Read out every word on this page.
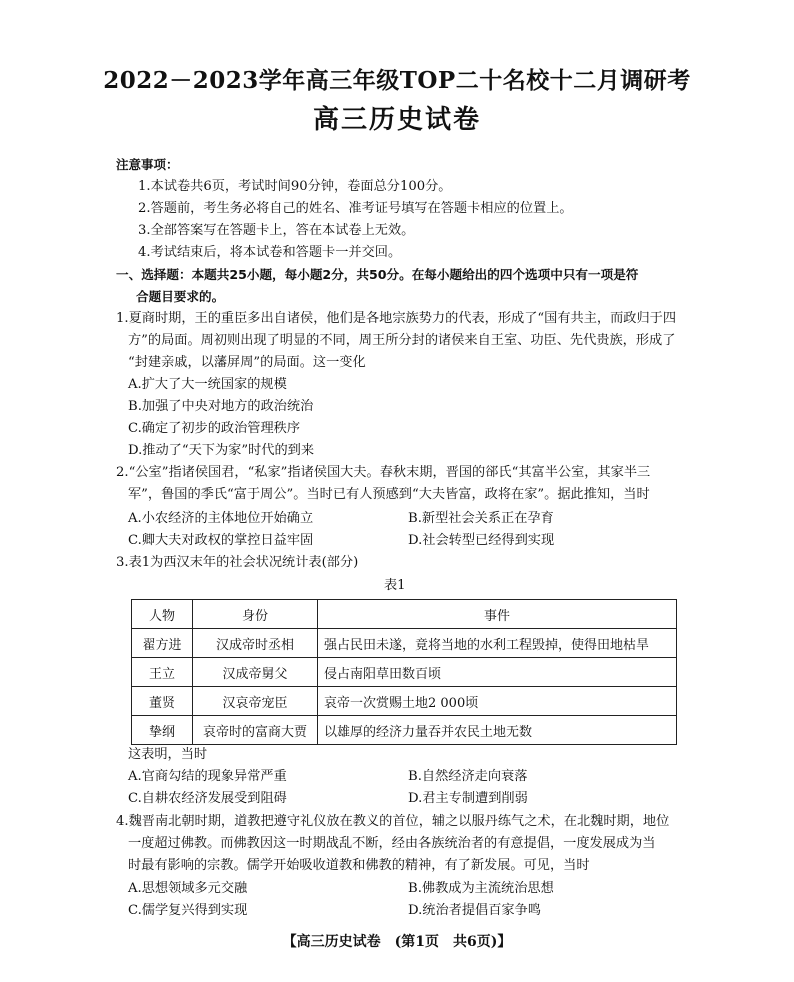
2022－2023学年高三年级TOP二十名校十二月调研考
高三历史试卷
注意事项：
1.本试卷共6页，考试时间90分钟，卷面总分100分。
2.答题前，考生务必将自己的姓名、准考证号填写在答题卡相应的位置上。
3.全部答案写在答题卡上，答在本试卷上无效。
4.考试结束后，将本试卷和答题卡一并交回。
一、选择题：本题共25小题，每小题2分，共50分。在每小题给出的四个选项中只有一项是符
合题目要求的。
1.夏商时期，王的重臣多出自诸侯，他们是各地宗族势力的代表，形成了“国有共主，而政归于四
方”的局面。周初则出现了明显的不同，周王所分封的诸侯来自王室、功臣、先代贵族，形成了
“封建亲戚，以藩屏周”的局面。这一变化
A.扩大了大一统国家的规模
B.加强了中央对地方的政治统治
C.确定了初步的政治管理秩序
D.推动了“天下为家”时代的到来
2.“公室”指诸侯国君，“私家”指诸侯国大夫。春秋末期，晋国的郤氏“其富半公室，其家半三
军”，鲁国的季氏“富于周公”。当时已有人预感到“大夫皆富，政将在家”。据此推知，当时
A.小农经济的主体地位开始确立	B.新型社会关系正在孕育
C.卿大夫对政权的掌控日益牢固	D.社会转型已经得到实现
3.表1为西汉末年的社会状况统计表(部分)
表1
人物	身份	事件
翟方进	汉成帝时丞相	强占民田未遂，竟将当地的水利工程毁掉，使得田地枯旱
王立	汉成帝舅父	侵占南阳草田数百顷
董贤	汉哀帝宠臣	哀帝一次赏赐土地2 000顷
挚纲	哀帝时的富商大贾	以雄厚的经济力量吞并农民土地无数
这表明，当时
A.官商勾结的现象异常严重	B.自然经济走向衰落
C.自耕农经济发展受到阻碍	D.君主专制遭到削弱
4.魏晋南北朝时期，道教把遵守礼仪放在教义的首位，辅之以服丹练气之术，在北魏时期，地位
一度超过佛教。而佛教因这一时期战乱不断，经由各族统治者的有意提倡，一度发展成为当
时最有影响的宗教。儒学开始吸收道教和佛教的精神，有了新发展。可见，当时
A.思想领域多元交融	B.佛教成为主流统治思想
C.儒学复兴得到实现	D.统治者提倡百家争鸣
【高三历史试卷　(第1页　共6页)】
